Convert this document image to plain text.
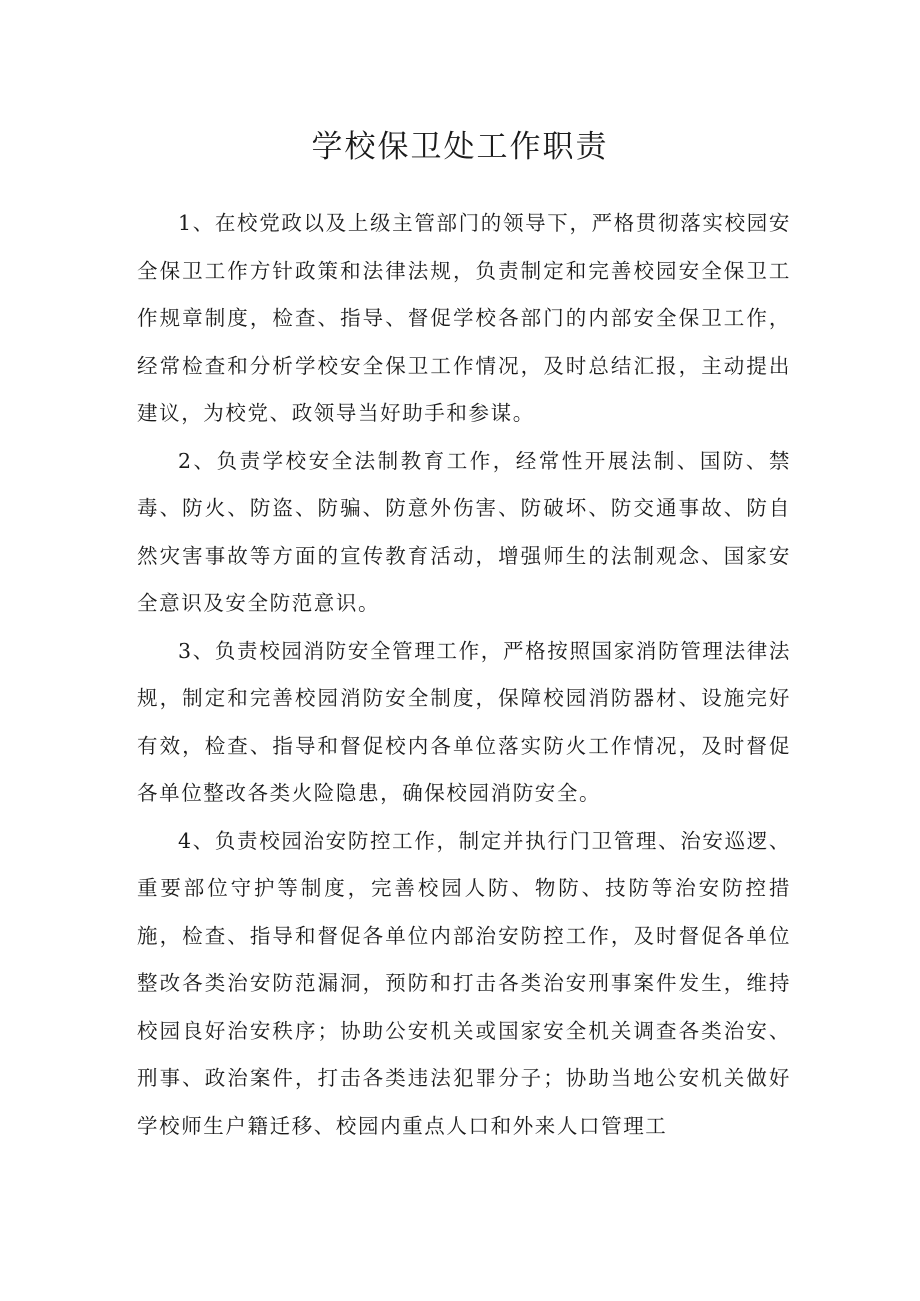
学校保卫处工作职责

1、在校党政以及上级主管部门的领导下，严格贯彻落实校园安全保卫工作方针政策和法律法规，负责制定和完善校园安全保卫工作规章制度，检查、指导、督促学校各部门的内部安全保卫工作，经常检查和分析学校安全保卫工作情况，及时总结汇报，主动提出建议，为校党、政领导当好助手和参谋。

2、负责学校安全法制教育工作，经常性开展法制、国防、禁毒、防火、防盗、防骗、防意外伤害、防破坏、防交通事故、防自然灾害事故等方面的宣传教育活动，增强师生的法制观念、国家安全意识及安全防范意识。

3、负责校园消防安全管理工作，严格按照国家消防管理法律法规，制定和完善校园消防安全制度，保障校园消防器材、设施完好有效，检查、指导和督促校内各单位落实防火工作情况，及时督促各单位整改各类火险隐患，确保校园消防安全。

4、负责校园治安防控工作，制定并执行门卫管理、治安巡逻、重要部位守护等制度，完善校园人防、物防、技防等治安防控措施，检查、指导和督促各单位内部治安防控工作，及时督促各单位整改各类治安防范漏洞，预防和打击各类治安刑事案件发生，维持校园良好治安秩序；协助公安机关或国家安全机关调查各类治安、刑事、政治案件，打击各类违法犯罪分子；协助当地公安机关做好学校师生户籍迁移、校园内重点人口和外来人口管理工
